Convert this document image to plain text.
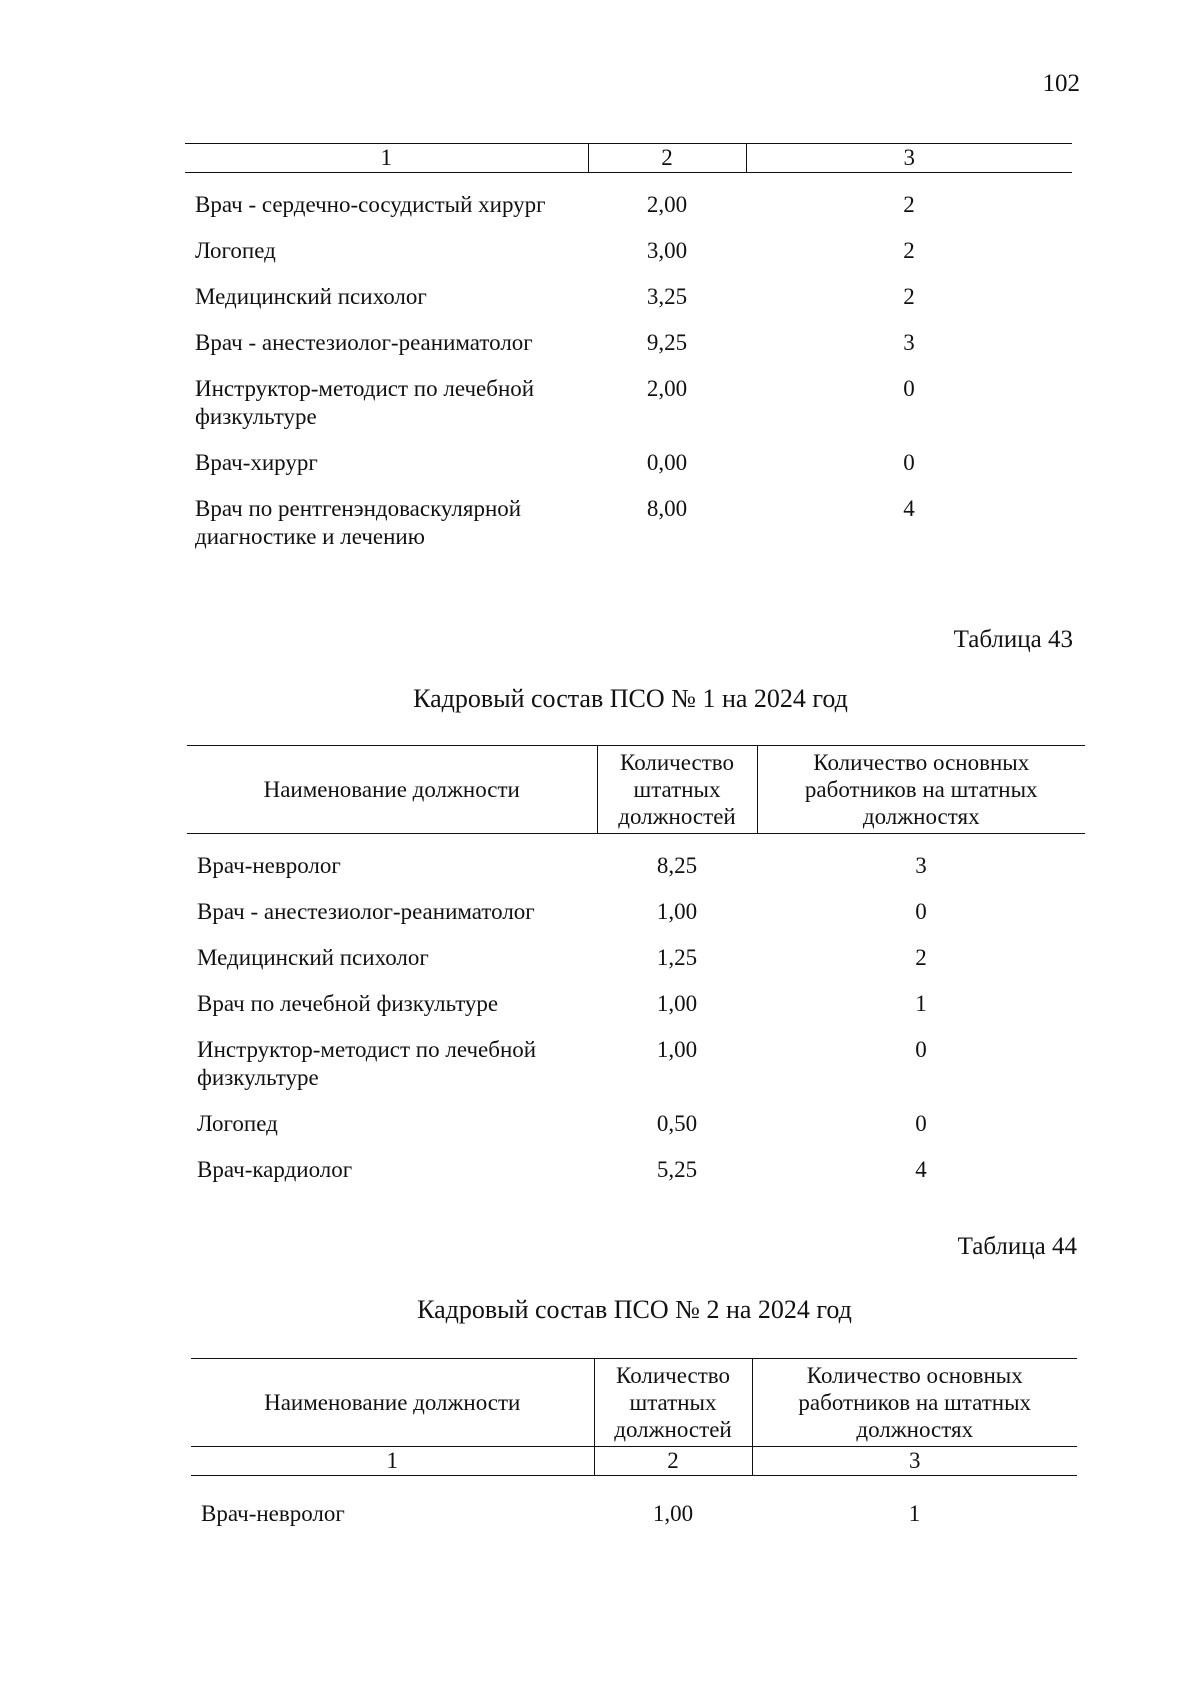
102
1	2	3
Врач - сердечно-сосудистый хирург	2,00	2
Логопед	3,00	2
Медицинский психолог	3,25	2
Врач - анестезиолог-реаниматолог	9,25	3
Инструктор-методист по лечебной физкультуре	2,00	0
Врач-хирург	0,00	0
Врач по рентгенэндоваскулярной диагностике и лечению	8,00	4
Таблица 43
Кадровый состав ПСО № 1 на 2024 год
Наименование должности	Количество штатных должностей	Количество основных работников на штатных должностях
Врач-невролог	8,25	3
Врач - анестезиолог-реаниматолог	1,00	0
Медицинский психолог	1,25	2
Врач по лечебной физкультуре	1,00	1
Инструктор-методист по лечебной физкультуре	1,00	0
Логопед	0,50	0
Врач-кардиолог	5,25	4
Таблица 44
Кадровый состав ПСО № 2 на 2024 год
Наименование должности	Количество штатных должностей	Количество основных работников на штатных должностях
1	2	3
Врач-невролог	1,00	1
